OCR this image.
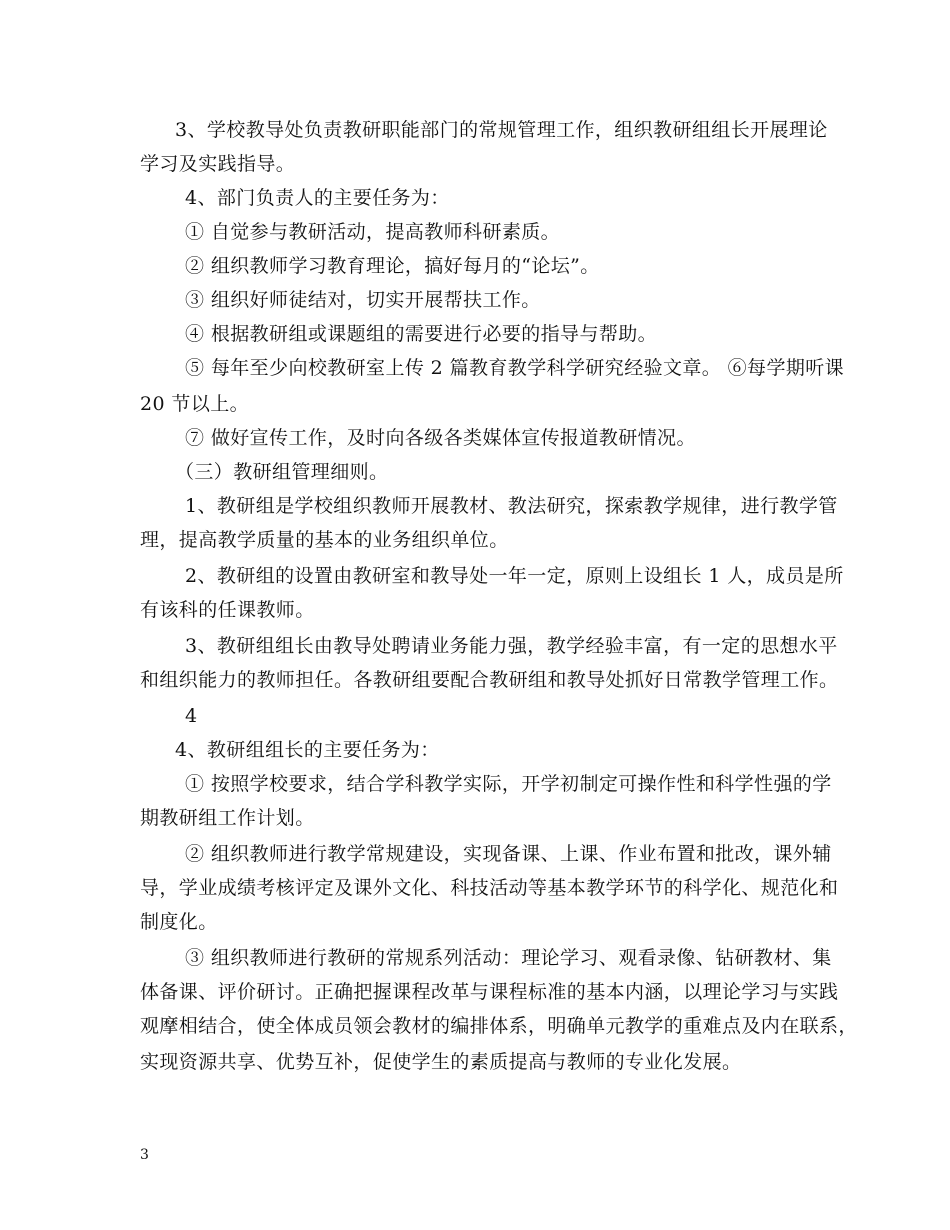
3、学校教导处负责教研职能部门的常规管理工作，组织教研组组长开展理论
学习及实践指导。
4、部门负责人的主要任务为：
① 自觉参与教研活动，提高教师科研素质。
② 组织教师学习教育理论，搞好每月的“论坛”。
③ 组织好师徒结对，切实开展帮扶工作。
④ 根据教研组或课题组的需要进行必要的指导与帮助。
⑤ 每年至少向校教研室上传 2 篇教育教学科学研究经验文章。 ⑥每学期听课
20 节以上。
⑦ 做好宣传工作，及时向各级各类媒体宣传报道教研情况。
（三）教研组管理细则。
1、教研组是学校组织教师开展教材、教法研究，探索教学规律，进行教学管
理，提高教学质量的基本的业务组织单位。
2、教研组的设置由教研室和教导处一年一定，原则上设组长 1 人，成员是所
有该科的任课教师。
3、教研组组长由教导处聘请业务能力强，教学经验丰富，有一定的思想水平
和组织能力的教师担任。各教研组要配合教研组和教导处抓好日常教学管理工作。
4
4、教研组组长的主要任务为：
① 按照学校要求，结合学科教学实际，开学初制定可操作性和科学性强的学
期教研组工作计划。
② 组织教师进行教学常规建设，实现备课、上课、作业布置和批改，课外辅
导，学业成绩考核评定及课外文化、科技活动等基本教学环节的科学化、规范化和
制度化。
③ 组织教师进行教研的常规系列活动：理论学习、观看录像、钻研教材、集
体备课、评价研讨。正确把握课程改革与课程标准的基本内涵，以理论学习与实践
观摩相结合，使全体成员领会教材的编排体系，明确单元教学的重难点及内在联系，
实现资源共享、优势互补，促使学生的素质提高与教师的专业化发展。
3
